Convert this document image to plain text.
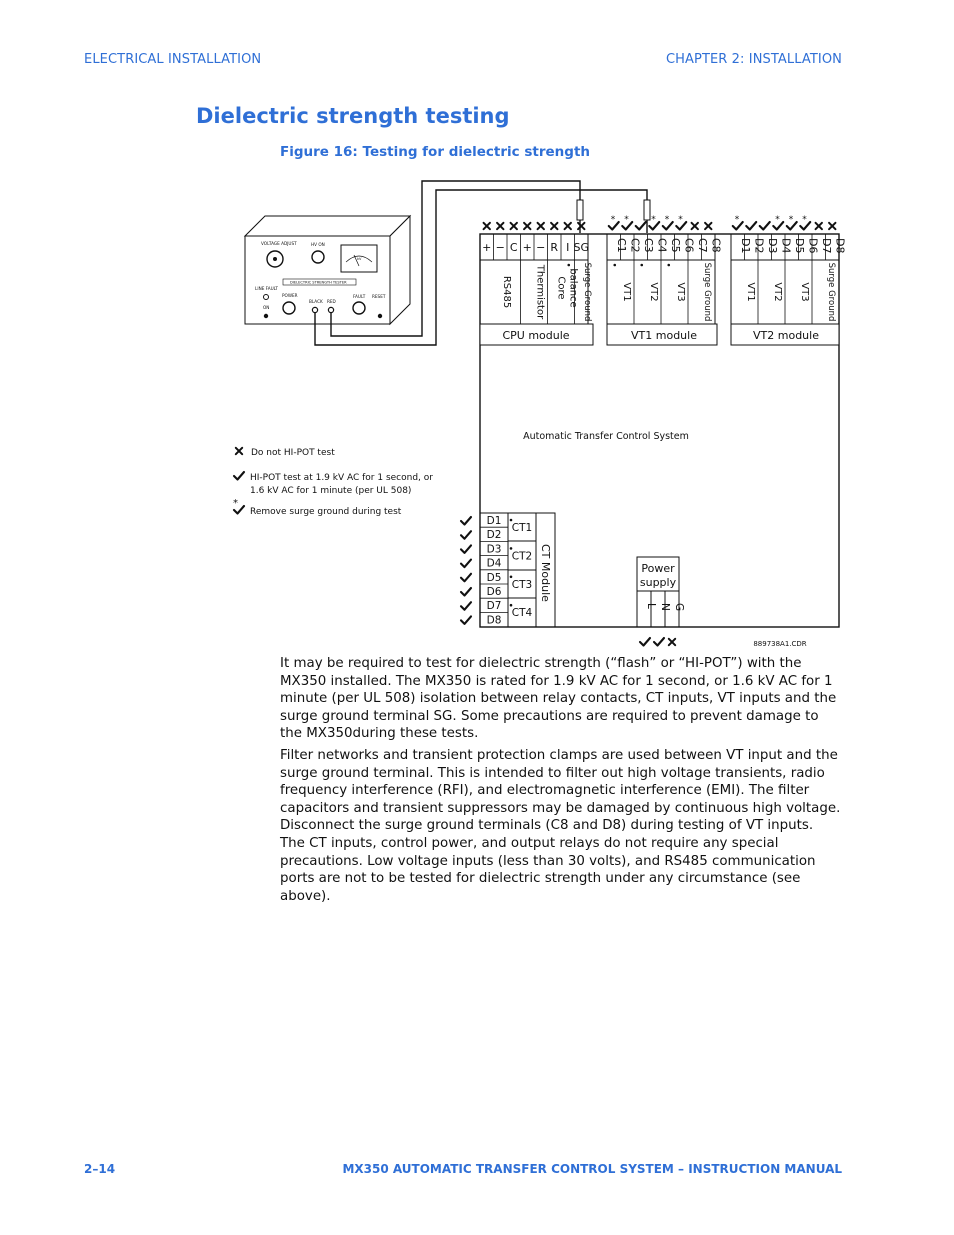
ELECTRICAL INSTALLATION	CHAPTER 2: INSTALLATION
Dielectric strength testing
Figure 16: Testing for dielectric strength
VOLTAGE ADJUST	HV ON
kV
DIELECTRIC STRENGTH TESTER
LINE FAULT
ON
POWER
BLACK RED
FAULT RESET
Automatic Transfer Control System
CPU module	VT1 module	VT2 module
+ − C + − R I SG
RS485 Thermistor Core balance Surge Ground
C1 C2 C3 C4 C5 C6 C7 C8
VT1 VT2 VT3 Surge Ground
D1 D2 D3 D4 D5 D6 D7 D8
VT1 VT2 VT3 Surge Ground
* *	* * *	*	* * *
CT Module
D1
D2
D3
D4
D5
D6
D7
D8
CT1
CT2
CT3
CT4
Power
supply
L N G
889738A1.CDR
Do not HI-POT test
HI-POT test at 1.9 kV AC for 1 second, or
1.6 kV AC for 1 minute (per UL 508)
*
Remove surge ground during test

It may be required to test for dielectric strength (“flash” or “HI-POT”) with the MX350 installed. The MX350 is rated for 1.9 kV AC for 1 second, or 1.6 kV AC for 1 minute (per UL 508) isolation between relay contacts, CT inputs, VT inputs and the surge ground terminal SG. Some precautions are required to prevent damage to the MX350during these tests.

Filter networks and transient protection clamps are used between VT input and the surge ground terminal. This is intended to filter out high voltage transients, radio frequency interference (RFI), and electromagnetic interference (EMI). The filter capacitors and transient suppressors may be damaged by continuous high voltage. Disconnect the surge ground terminals (C8 and D8) during testing of VT inputs. The CT inputs, control power, and output relays do not require any special precautions. Low voltage inputs (less than 30 volts), and RS485 communication ports are not to be tested for dielectric strength under any circumstance (see above).

2–14	MX350 AUTOMATIC TRANSFER CONTROL SYSTEM – INSTRUCTION MANUAL
